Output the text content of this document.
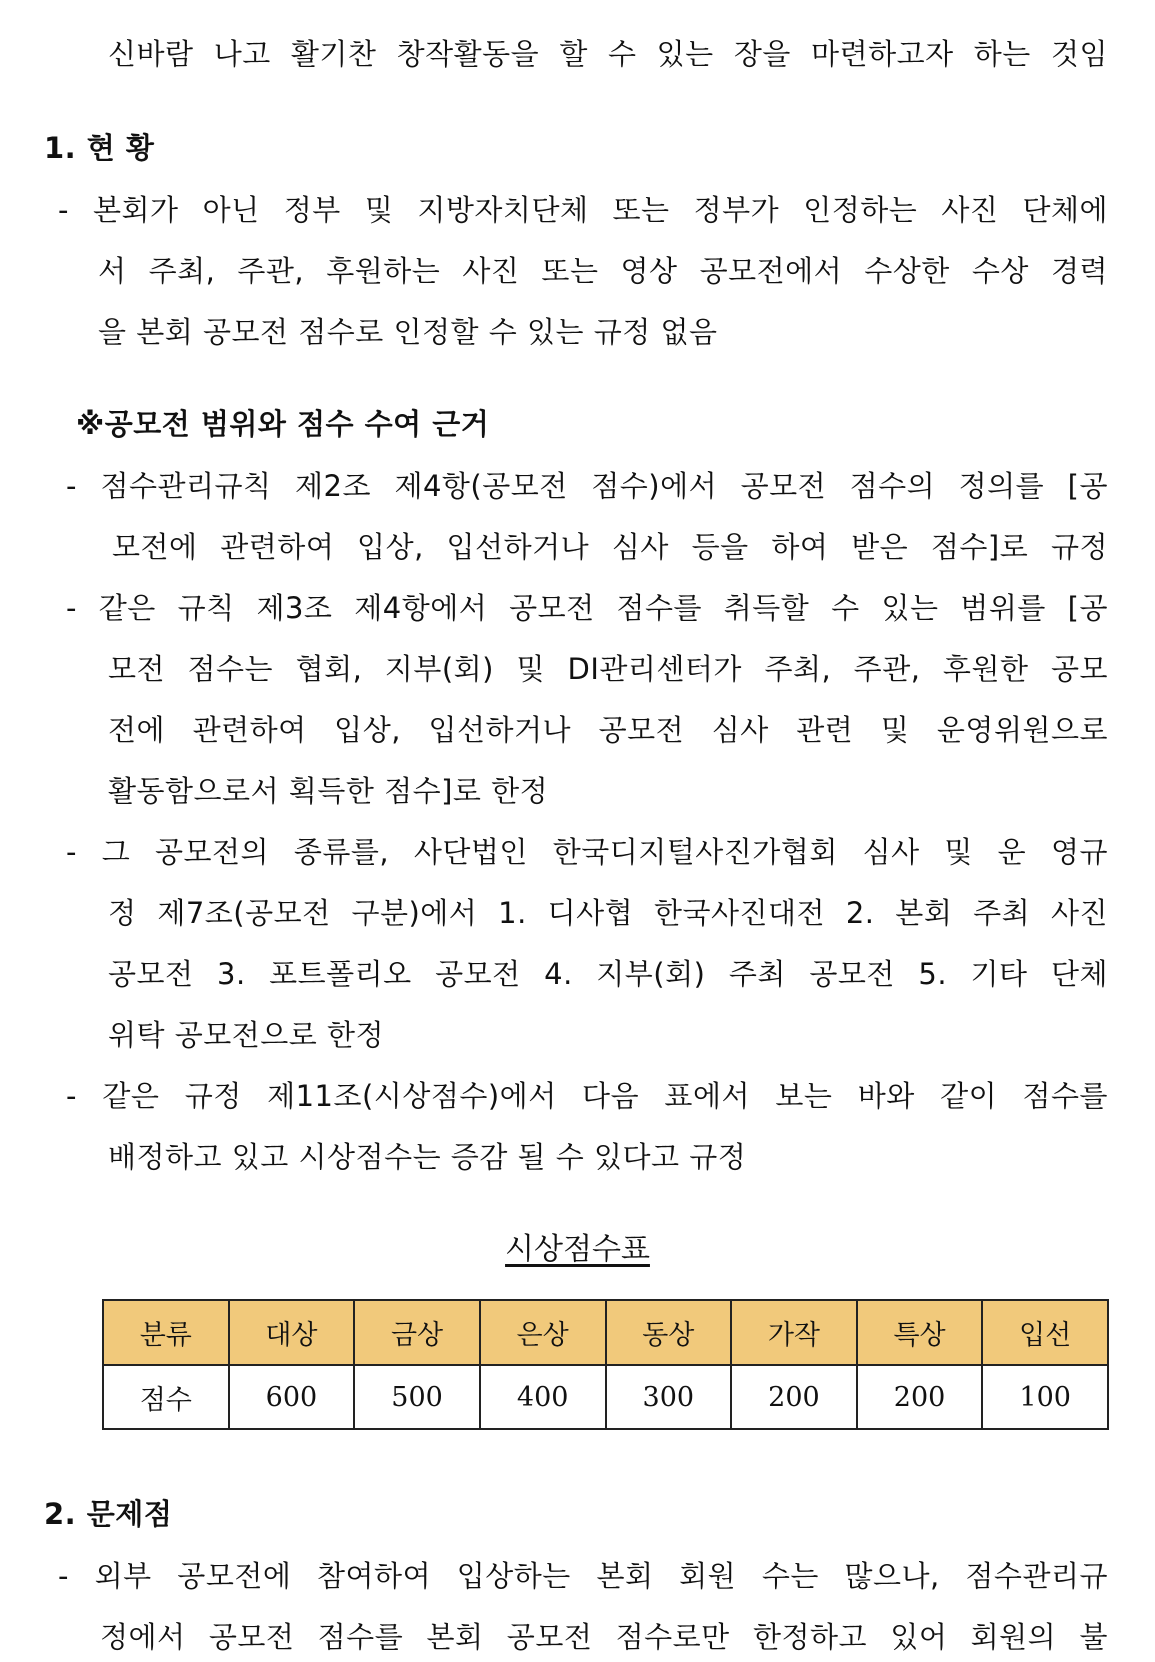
신바람 나고 활기찬 창작활동을 할 수 있는 장을 마련하고자 하는 것임
1. 현 황
- 본회가 아닌 정부 및 지방자치단체 또는 정부가 인정하는 사진 단체에
서 주최, 주관, 후원하는 사진 또는 영상 공모전에서 수상한 수상 경력
을 본회 공모전 점수로 인정할 수 있는 규정 없음
※공모전 범위와 점수 수여 근거
- 점수관리규칙 제2조 제4항(공모전 점수)에서 공모전 점수의 정의를 [공
모전에 관련하여 입상, 입선하거나 심사 등을 하여 받은 점수]로 규정
- 같은 규칙 제3조 제4항에서 공모전 점수를 취득할 수 있는 범위를 [공
모전 점수는 협회, 지부(회) 및 DI관리센터가 주최, 주관, 후원한 공모
전에 관련하여 입상, 입선하거나 공모전 심사 관련 및 운영위원으로
활동함으로서 획득한 점수]로 한정
- 그 공모전의 종류를, 사단법인 한국디지털사진가협회 심사 및 운 영규
정 제7조(공모전 구분)에서 1. 디사협 한국사진대전 2. 본회 주최 사진
공모전 3. 포트폴리오 공모전 4. 지부(회) 주최 공모전 5. 기타 단체
위탁 공모전으로 한정
- 같은 규정 제11조(시상점수)에서 다음 표에서 보는 바와 같이 점수를
배정하고 있고 시상점수는 증감 될 수 있다고 규정
시상점수표
분류	대상	금상	은상	동상	가작	특상	입선
점수	600	500	400	300	200	200	100
2. 문제점
- 외부 공모전에 참여하여 입상하는 본회 회원 수는 많으나, 점수관리규
정에서 공모전 점수를 본회 공모전 점수로만 한정하고 있어 회원의 불
